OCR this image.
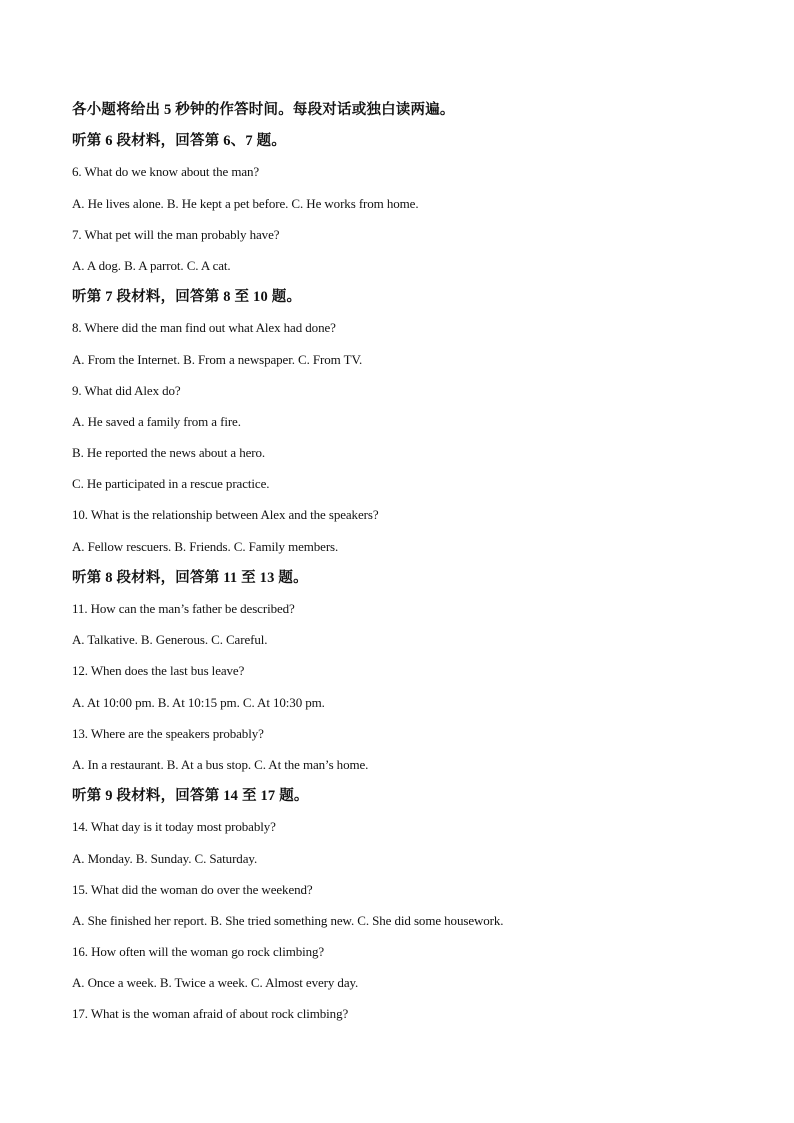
各小题将给出 5 秒钟的作答时间。每段对话或独白读两遍。
听第 6 段材料，回答第 6、7 题。
6. What do we know about the man?
A. He lives alone. B. He kept a pet before. C. He works from home.
7. What pet will the man probably have?
A. A dog. B. A parrot. C. A cat.
听第 7 段材料，回答第 8 至 10 题。
8. Where did the man find out what Alex had done?
A. From the Internet. B. From a newspaper. C. From TV.
9. What did Alex do?
A. He saved a family from a fire.
B. He reported the news about a hero.
C. He participated in a rescue practice.
10. What is the relationship between Alex and the speakers?
A. Fellow rescuers. B. Friends. C. Family members.
听第 8 段材料，回答第 11 至 13 题。
11. How can the man’s father be described?
A. Talkative. B. Generous. C. Careful.
12. When does the last bus leave?
A. At 10:00 pm. B. At 10:15 pm. C. At 10:30 pm.
13. Where are the speakers probably?
A. In a restaurant. B. At a bus stop. C. At the man’s home.
听第 9 段材料，回答第 14 至 17 题。
14. What day is it today most probably?
A. Monday. B. Sunday. C. Saturday.
15. What did the woman do over the weekend?
A. She finished her report. B. She tried something new. C. She did some housework.
16. How often will the woman go rock climbing?
A. Once a week. B. Twice a week. C. Almost every day.
17. What is the woman afraid of about rock climbing?
